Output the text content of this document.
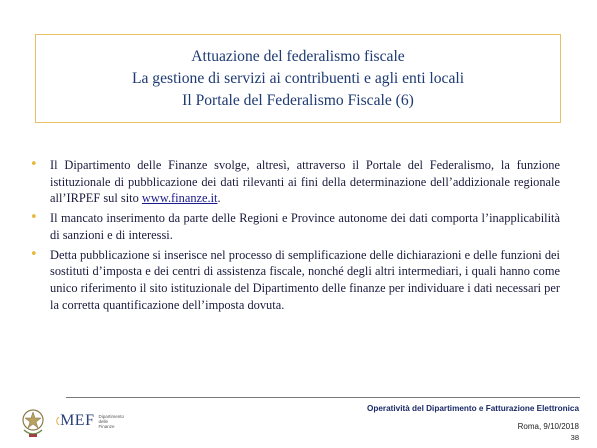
Attuazione del federalismo fiscale
La gestione di servizi ai contribuenti e agli enti locali
Il Portale del Federalismo Fiscale (6)
• Il Dipartimento delle Finanze svolge, altresì, attraverso il Portale del Federalismo, la funzione istituzionale di pubblicazione dei dati rilevanti ai fini della determinazione dell’addizionale regionale all’IRPEF sul sito www.finanze.it.
• Il mancato inserimento da parte delle Regioni e Province autonome dei dati comporta l’inapplicabilità di sanzioni e di interessi.
• Detta pubblicazione si inserisce nel processo di semplificazione delle dichiarazioni e delle funzioni dei sostituti d’imposta e dei centri di assistenza fiscale, nonché degli altri intermediari, i quali hanno come unico riferimento il sito istituzionale del Dipartimento delle finanze per individuare i dati necessari per la corretta quantificazione dell’imposta dovuta.
MEF Dipartimento
delle Finanze
Operatività del Dipartimento e Fatturazione Elettronica
Roma, 9/10/2018
38
